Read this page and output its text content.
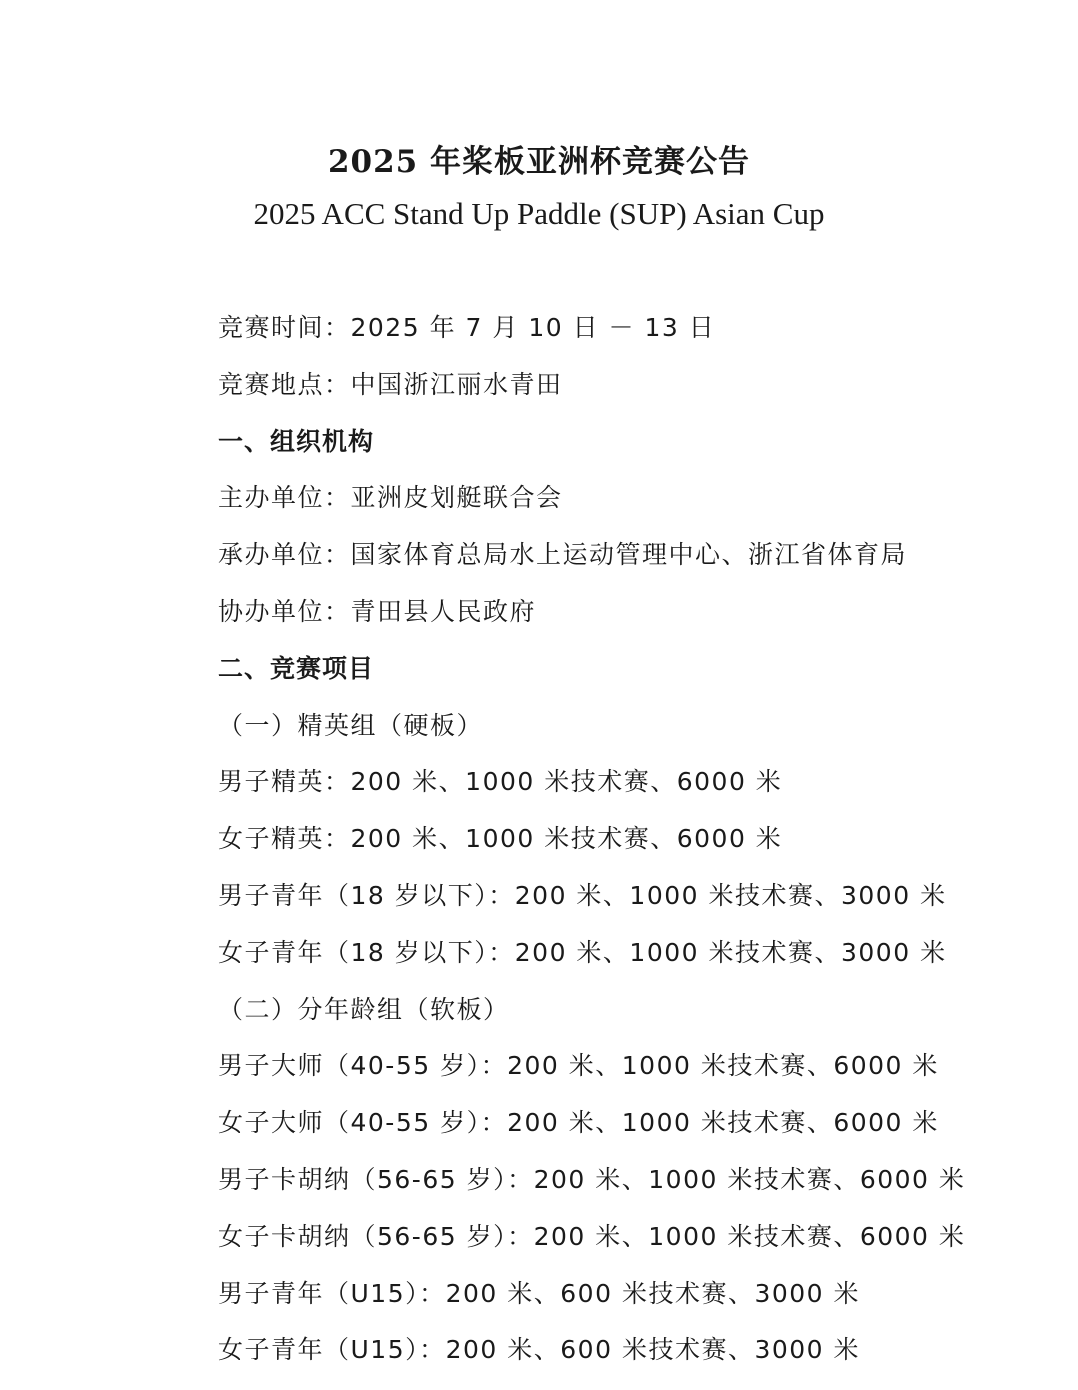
2025 年桨板亚洲杯竞赛公告
2025 ACC Stand Up Paddle (SUP) Asian Cup
竞赛时间：2025 年 7 月 10 日 － 13 日
竞赛地点：中国浙江丽水青田
一、组织机构
主办单位：亚洲皮划艇联合会
承办单位：国家体育总局水上运动管理中心、浙江省体育局
协办单位：青田县人民政府
二、竞赛项目
（一）精英组（硬板）
男子精英：200 米、1000 米技术赛、6000 米
女子精英：200 米、1000 米技术赛、6000 米
男子青年（18 岁以下）：200 米、1000 米技术赛、3000 米
女子青年（18 岁以下）：200 米、1000 米技术赛、3000 米
（二）分年龄组（软板）
男子大师（40-55 岁）：200 米、1000 米技术赛、6000 米
女子大师（40-55 岁）：200 米、1000 米技术赛、6000 米
男子卡胡纳（56-65 岁）：200 米、1000 米技术赛、6000 米
女子卡胡纳（56-65 岁）：200 米、1000 米技术赛、6000 米
男子青年（U15）：200 米、600 米技术赛、3000 米
女子青年（U15）：200 米、600 米技术赛、3000 米
